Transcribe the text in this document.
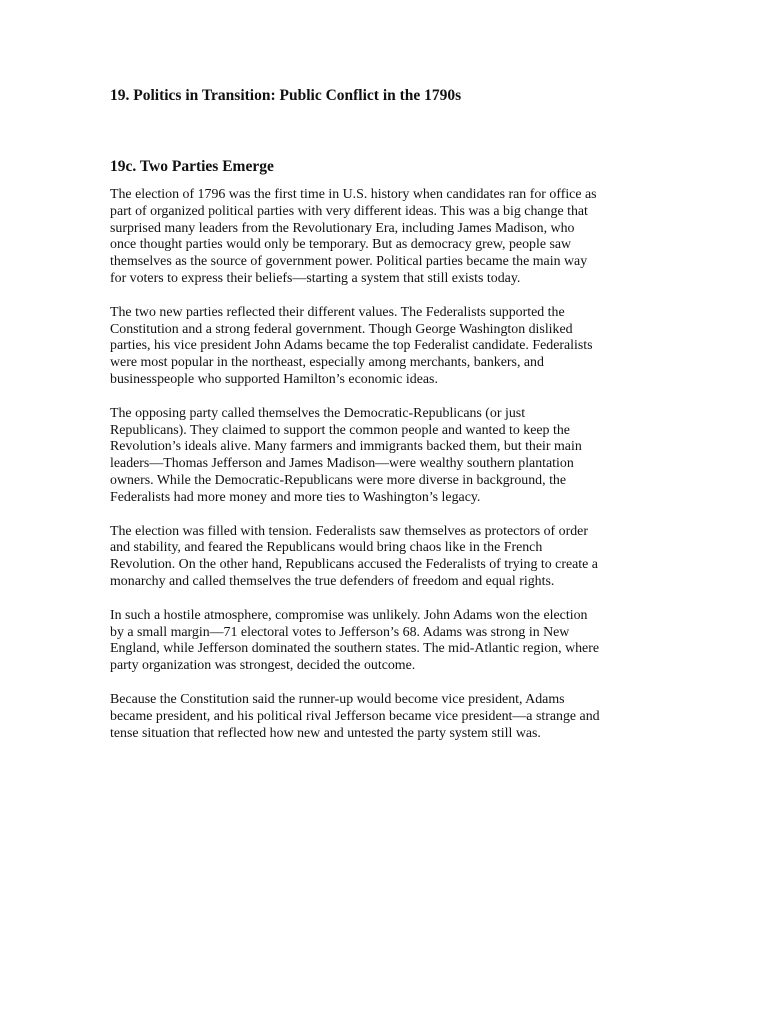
19. Politics in Transition: Public Conflict in the 1790s
19c. Two Parties Emerge

The election of 1796 was the first time in U.S. history when candidates ran for office as
part of organized political parties with very different ideas. This was a big change that
surprised many leaders from the Revolutionary Era, including James Madison, who
once thought parties would only be temporary. But as democracy grew, people saw
themselves as the source of government power. Political parties became the main way
for voters to express their beliefs—starting a system that still exists today.

The two new parties reflected their different values. The Federalists supported the
Constitution and a strong federal government. Though George Washington disliked
parties, his vice president John Adams became the top Federalist candidate. Federalists
were most popular in the northeast, especially among merchants, bankers, and
businesspeople who supported Hamilton’s economic ideas.

The opposing party called themselves the Democratic-Republicans (or just
Republicans). They claimed to support the common people and wanted to keep the
Revolution’s ideals alive. Many farmers and immigrants backed them, but their main
leaders—Thomas Jefferson and James Madison—were wealthy southern plantation
owners. While the Democratic-Republicans were more diverse in background, the
Federalists had more money and more ties to Washington’s legacy.

The election was filled with tension. Federalists saw themselves as protectors of order
and stability, and feared the Republicans would bring chaos like in the French
Revolution. On the other hand, Republicans accused the Federalists of trying to create a
monarchy and called themselves the true defenders of freedom and equal rights.

In such a hostile atmosphere, compromise was unlikely. John Adams won the election
by a small margin—71 electoral votes to Jefferson’s 68. Adams was strong in New
England, while Jefferson dominated the southern states. The mid-Atlantic region, where
party organization was strongest, decided the outcome.

Because the Constitution said the runner-up would become vice president, Adams
became president, and his political rival Jefferson became vice president—a strange and
tense situation that reflected how new and untested the party system still was.
